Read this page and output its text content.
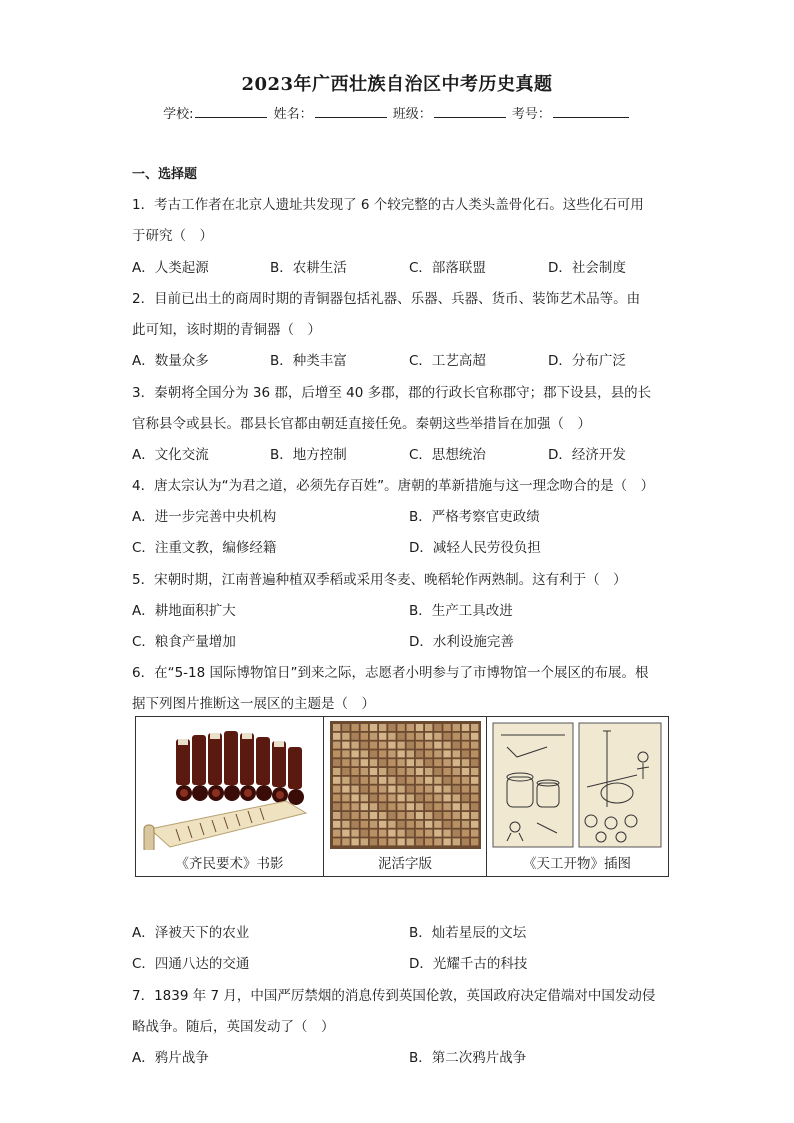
2023年广西壮族自治区中考历史真题
学校:	姓名：	班级：	考号：
一、选择题
1．考古工作者在北京人遗址共发现了 6 个较完整的古人类头盖骨化石。这些化石可用
于研究（　）
A．人类起源	B．农耕生活	C．部落联盟	D．社会制度
2．目前已出土的商周时期的青铜器包括礼器、乐器、兵器、货币、装饰艺术品等。由
此可知，该时期的青铜器（　）
A．数量众多	B．种类丰富	C．工艺高超	D．分布广泛
3．秦朝将全国分为 36 郡，后增至 40 多郡，郡的行政长官称郡守；郡下设县，县的长
官称县令或县长。郡县长官都由朝廷直接任免。秦朝这些举措旨在加强（　）
A．文化交流	B．地方控制	C．思想统治	D．经济开发
4．唐太宗认为“为君之道，必须先存百姓”。唐朝的革新措施与这一理念吻合的是（　）
A．进一步完善中央机构	B．严格考察官吏政绩
C．注重文教，编修经籍	D．减轻人民劳役负担
5．宋朝时期，江南普遍种植双季稻或采用冬麦、晚稻轮作两熟制。这有利于（　）
A．耕地面积扩大	B．生产工具改进
C．粮食产量增加	D．水利设施完善
6．在“5-18 国际博物馆日”到来之际，志愿者小明参与了市博物馆一个展区的布展。根
据下列图片推断这一展区的主题是（　）
《齐民要术》书影	泥活字版	《天工开物》插图
A．泽被天下的农业	B．灿若星辰的文坛
C．四通八达的交通	D．光耀千古的科技
7．1839 年 7 月，中国严厉禁烟的消息传到英国伦敦，英国政府决定借端对中国发动侵
略战争。随后，英国发动了（　）
A．鸦片战争	B．第二次鸦片战争
